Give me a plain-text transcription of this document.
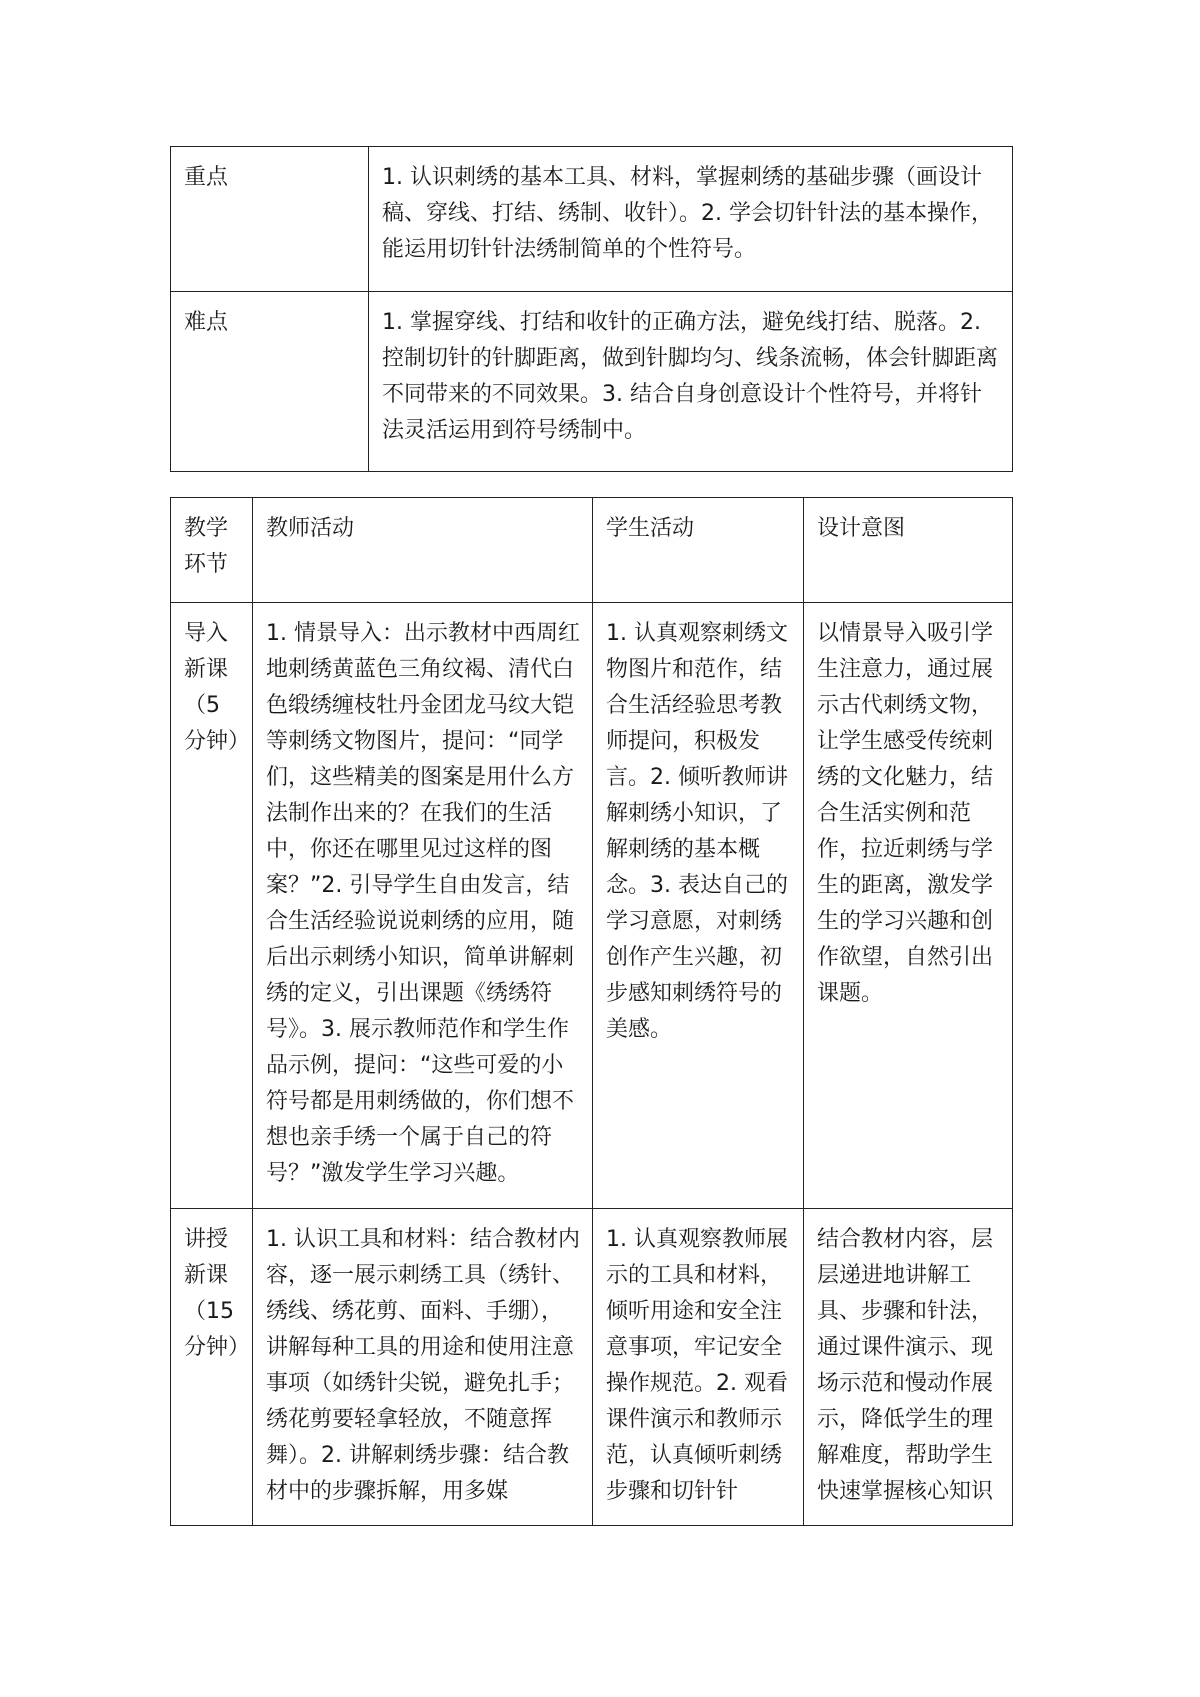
重点	1. 认识刺绣的基本工具、材料，掌握刺绣的基础步骤（画设计稿、穿线、打结、绣制、收针）。2. 学会切针针法的基本操作，能运用切针针法绣制简单的个性符号。
难点	1. 掌握穿线、打结和收针的正确方法，避免线打结、脱落。2. 控制切针的针脚距离，做到针脚均匀、线条流畅，体会针脚距离不同带来的不同效果。3. 结合自身创意设计个性符号，并将针法灵活运用到符号绣制中。
教学环节	教师活动	学生活动	设计意图
导入新课（5分钟）	1. 情景导入：出示教材中西周红地刺绣黄蓝色三角纹褐、清代白色缎绣缠枝牡丹金团龙马纹大铠等刺绣文物图片，提问：“同学们，这些精美的图案是用什么方法制作出来的？在我们的生活中，你还在哪里见过这样的图案？”2. 引导学生自由发言，结合生活经验说说刺绣的应用，随后出示刺绣小知识，简单讲解刺绣的定义，引出课题《绣绣符号》。3. 展示教师范作和学生作品示例，提问：“这些可爱的小符号都是用刺绣做的，你们想不想也亲手绣一个属于自己的符号？”激发学生学习兴趣。	1. 认真观察刺绣文物图片和范作，结合生活经验思考教师提问，积极发言。2. 倾听教师讲解刺绣小知识，了解刺绣的基本概念。3. 表达自己的学习意愿，对刺绣创作产生兴趣，初步感知刺绣符号的美感。	以情景导入吸引学生注意力，通过展示古代刺绣文物，让学生感受传统刺绣的文化魅力，结合生活实例和范作，拉近刺绣与学生的距离，激发学生的学习兴趣和创作欲望，自然引出课题。
讲授新课（15分钟）	1. 认识工具和材料：结合教材内容，逐一展示刺绣工具（绣针、绣线、绣花剪、面料、手绷），讲解每种工具的用途和使用注意事项（如绣针尖锐，避免扎手；绣花剪要轻拿轻放，不随意挥舞）。2. 讲解刺绣步骤：结合教材中的步骤拆解，用多媒	1. 认真观察教师展示的工具和材料，倾听用途和安全注意事项，牢记安全操作规范。2. 观看课件演示和教师示范，认真倾听刺绣步骤和切针针	结合教材内容，层层递进地讲解工具、步骤和针法，通过课件演示、现场示范和慢动作展示，降低学生的理解难度，帮助学生快速掌握核心知识
